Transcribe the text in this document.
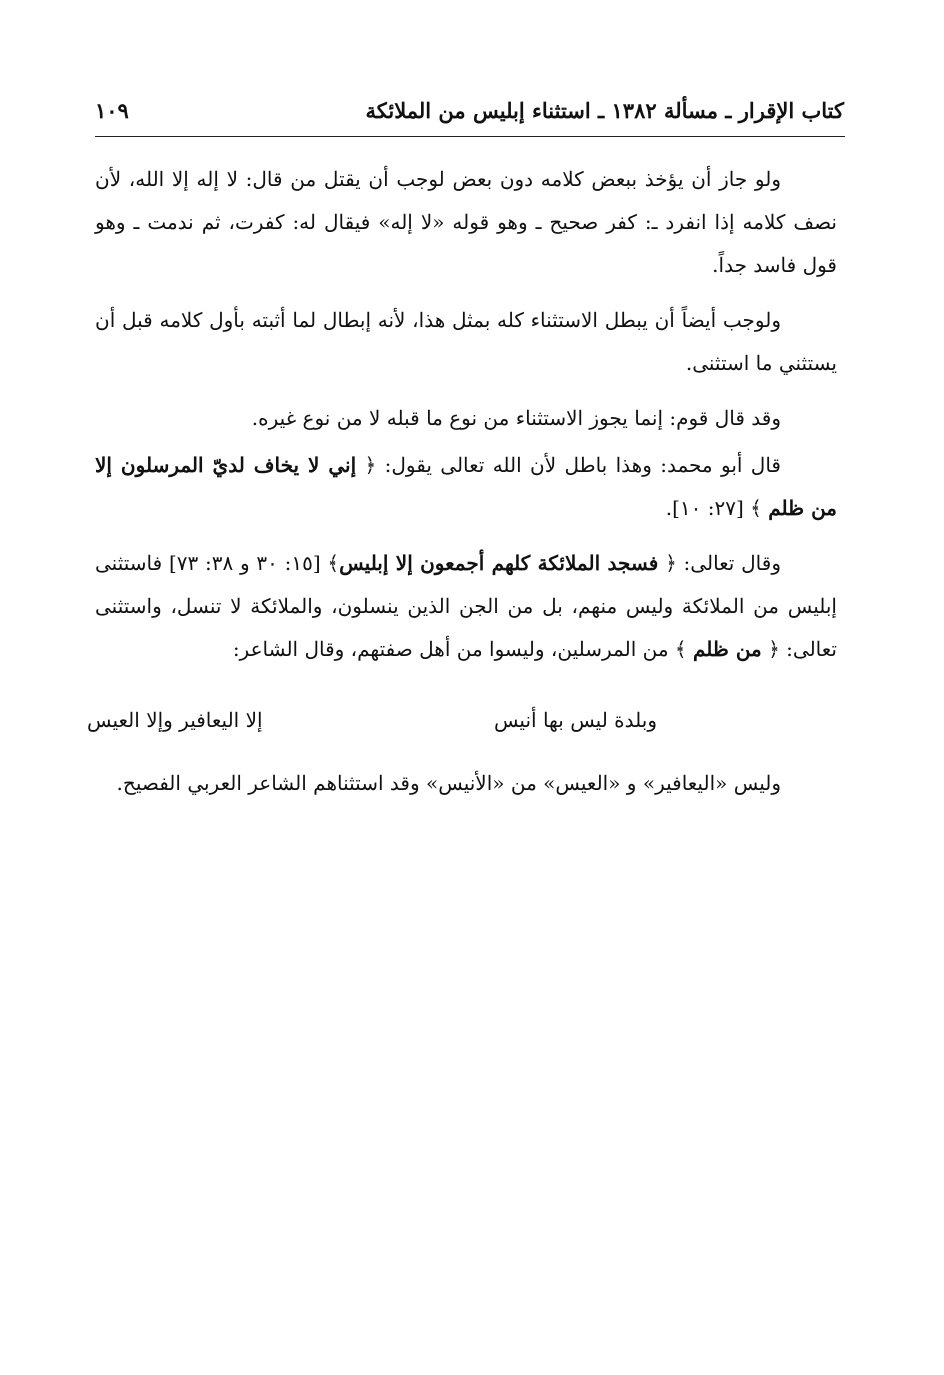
كتاب الإقرار ـ مسألة ١٣٨٢ ـ استثناء إبليس من الملائكة
١٠٩

ولو جاز أن يؤخذ ببعض كلامه دون بعض لوجب أن يقتل من قال: لا إله إلا الله، لأن نصف كلامه إذا انفرد ـ: كفر صحيح ـ وهو قوله «لا إله» فيقال له: كفرت، ثم ندمت ـ وهو قول فاسد جداً.

ولوجب أيضاً أن يبطل الاستثناء كله بمثل هذا، لأنه إبطال لما أثبته بأول كلامه قبل أن يستثني ما استثنى.

وقد قال قوم: إنما يجوز الاستثناء من نوع ما قبله لا من نوع غيره.

قال أبو محمد: وهذا باطل لأن الله تعالى يقول: ﴿ إني لا يخاف لديّ المرسلون إلا من ظلم ﴾ [٢٧: ١٠].

وقال تعالى: ﴿ فسجد الملائكة كلهم أجمعون إلا إبليس﴾ [١٥: ٣٠ و ٣٨: ٧٣] فاستثنى إبليس من الملائكة وليس منهم، بل من الجن الذين ينسلون، والملائكة لا تنسل، واستثنى تعالى: ﴿ من ظلم ﴾ من المرسلين، وليسوا من أهل صفتهم، وقال الشاعر:

وبلدة ليس بها أنيس
إلا اليعافير وإلا العيس

وليس «اليعافير» و «العيس» من «الأنيس» وقد استثناهم الشاعر العربي الفصيح.
